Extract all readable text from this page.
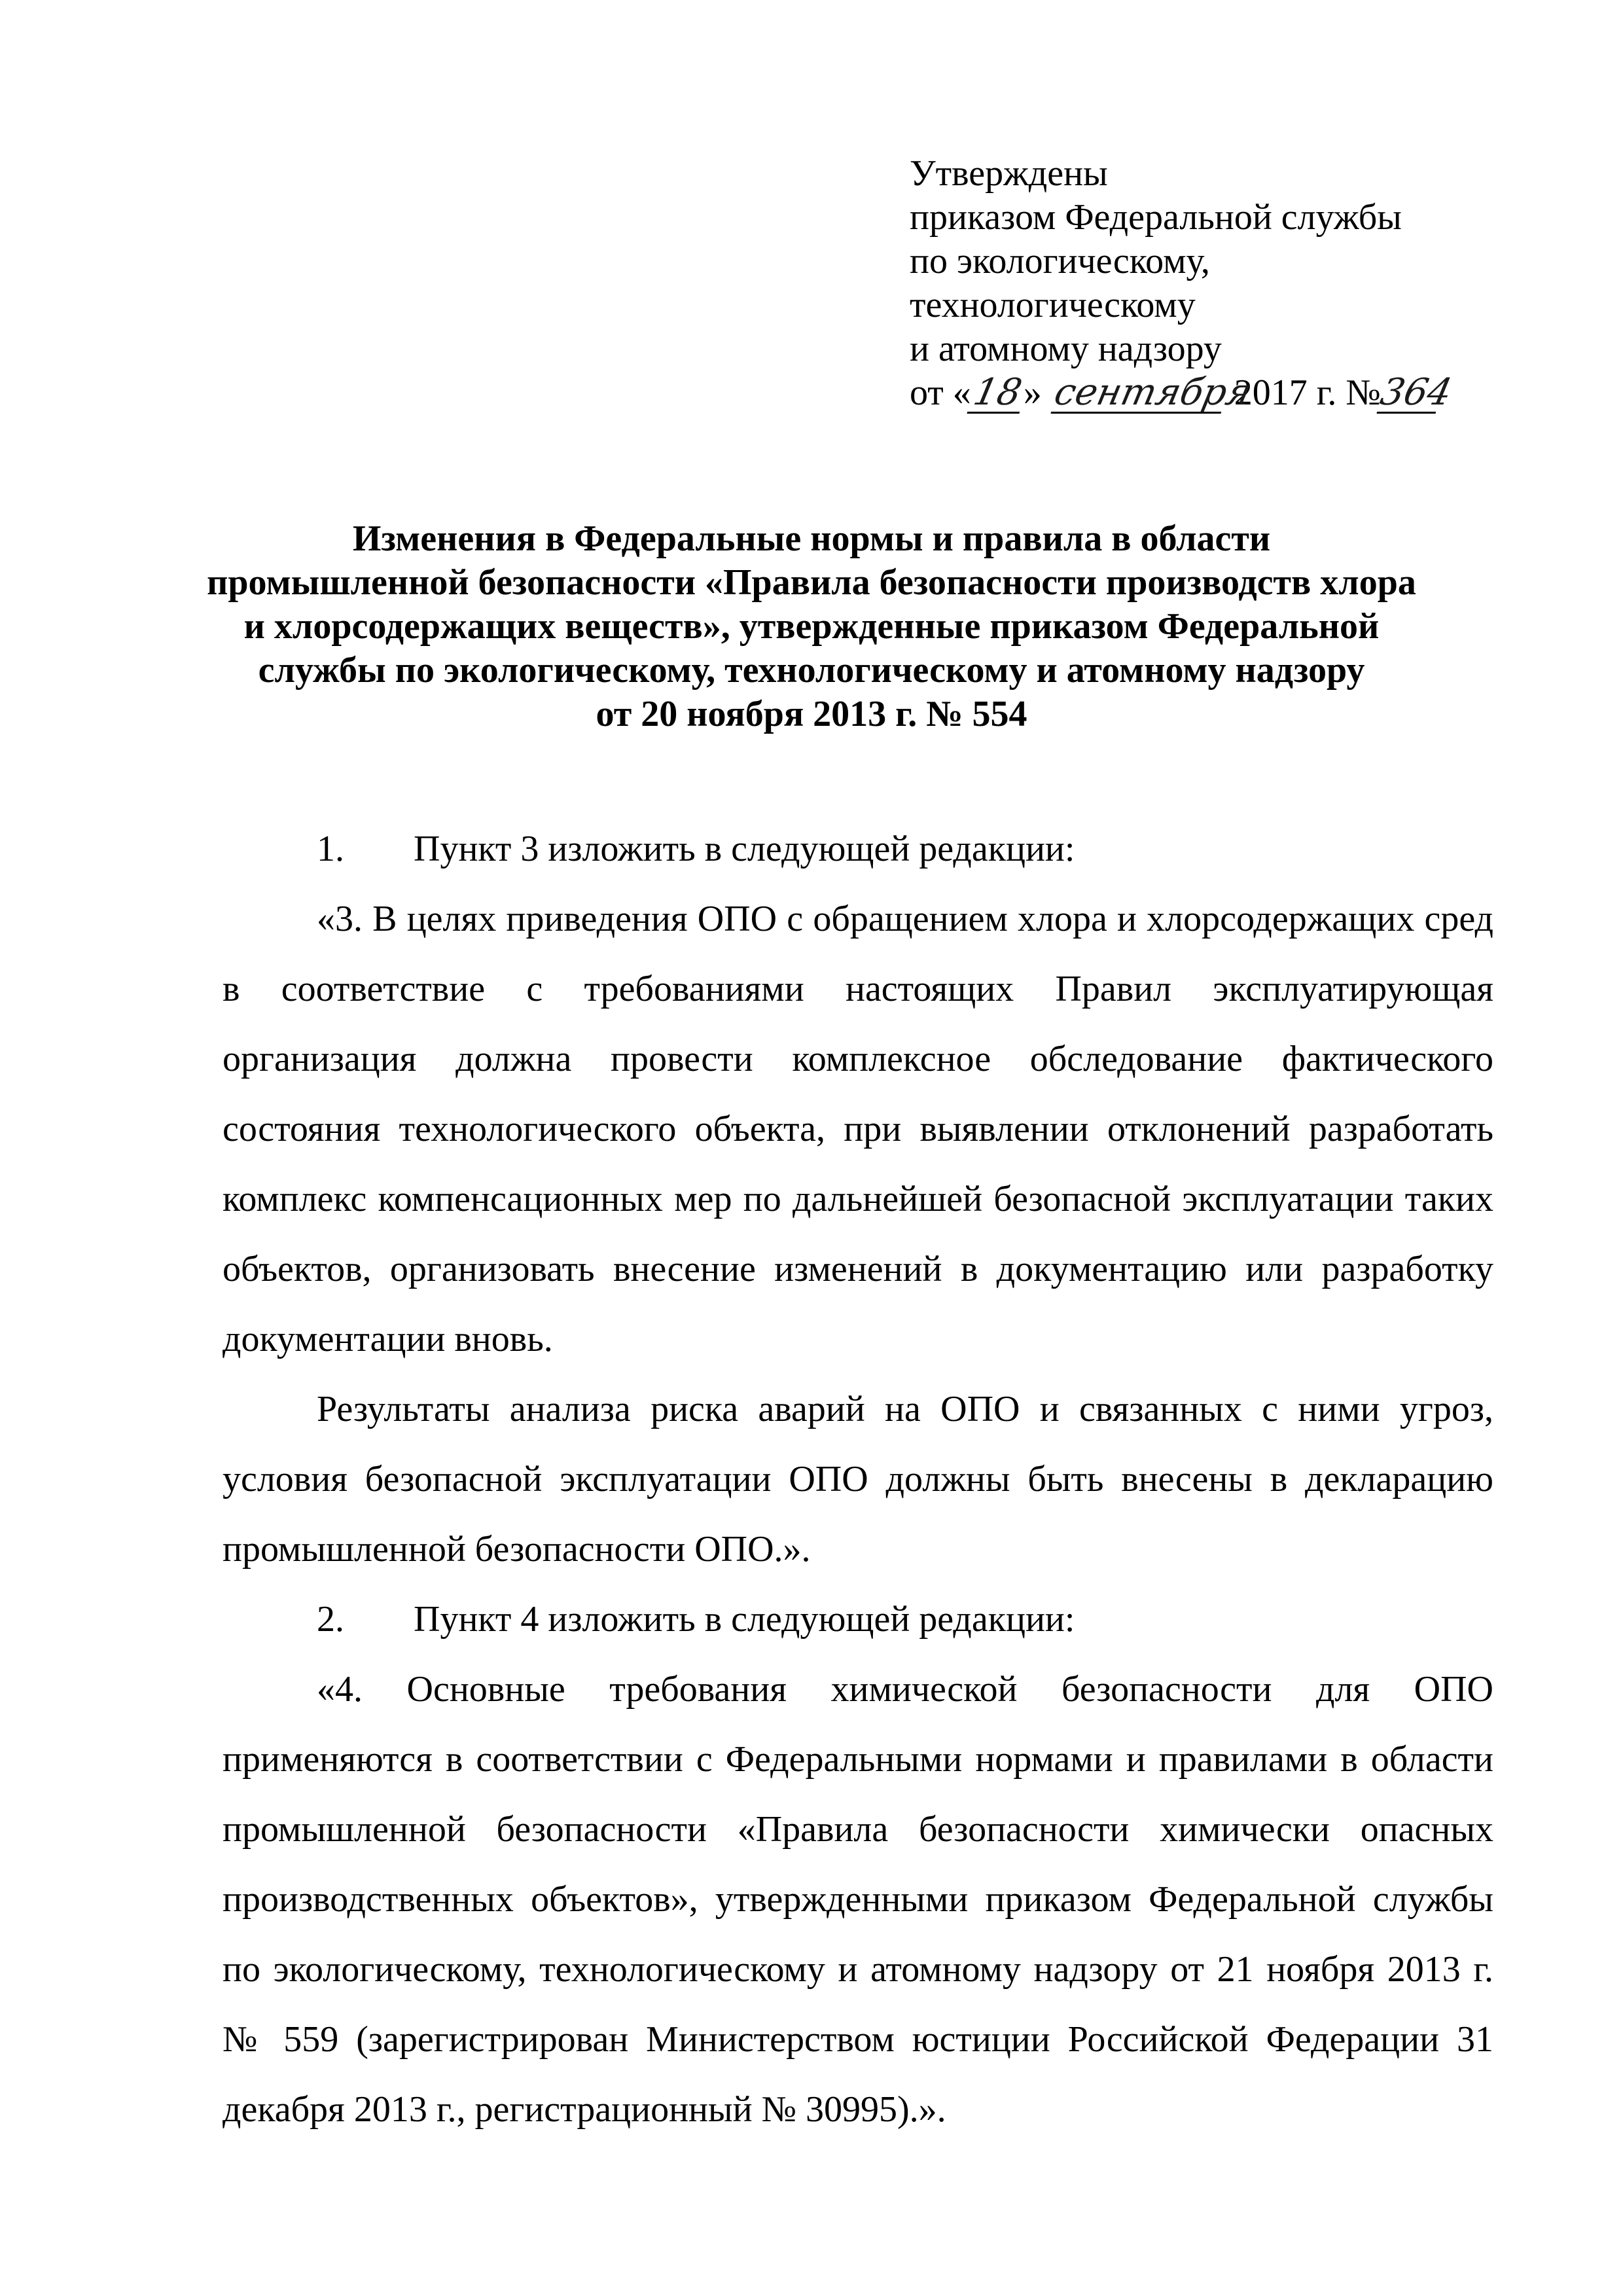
Утверждены
приказом Федеральной службы
по экологическому,
технологическому
и атомному надзору
от «18» сентября 2017 г. №364
Изменения в Федеральные нормы и правила в области
промышленной безопасности «Правила безопасности производств хлора
и хлорсодержащих веществ», утвержденные приказом Федеральной
службы по экологическому, технологическому и атомному надзору
от 20 ноября 2013 г. № 554
1. Пункт 3 изложить в следующей редакции:

«3. В целях приведения ОПО с обращением хлора и хлорсодержащих сред в соответствие с требованиями настоящих Правил эксплуатирующая организация должна провести комплексное обследование фактического состояния технологического объекта, при выявлении отклонений разработать комплекс компенсационных мер по дальнейшей безопасной эксплуатации таких объектов, организовать внесение изменений в документацию или разработку документации вновь.

Результаты анализа риска аварий на ОПО и связанных с ними угроз, условия безопасной эксплуатации ОПО должны быть внесены в декларацию промышленной безопасности ОПО.».

2. Пункт 4 изложить в следующей редакции:

«4. Основные требования химической безопасности для ОПО применяются в соответствии с Федеральными нормами и правилами в области промышленной безопасности «Правила безопасности химически опасных производственных объектов», утвержденными приказом Федеральной службы по экологическому, технологическому и атомному надзору от 21 ноября 2013 г. № 559 (зарегистрирован Министерством юстиции Российской Федерации 31 декабря 2013 г., регистрационный № 30995).».
